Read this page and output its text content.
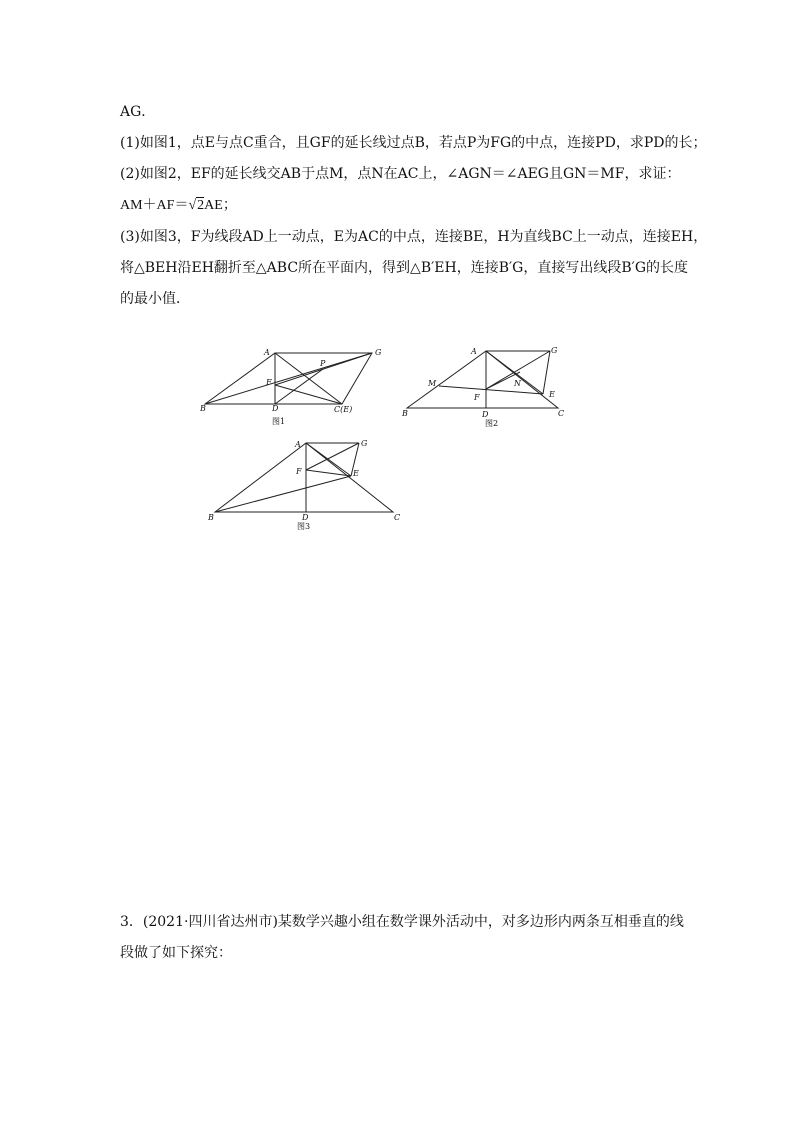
AG．
(1)如图1，点E与点C重合，且GF的延长线过点B，若点P为FG的中点，连接PD，求PD的长；
(2)如图2，EF的延长线交AB于点M，点N在AC上，∠AGN＝∠AEG且GN＝MF，求证：
AM＋AF＝√2AE；
(3)如图3，F为线段AD上一动点，E为AC的中点，连接BE，H为直线BC上一动点，连接EH，
将△BEH沿EH翻折至△ABC所在平面内，得到△B′EH，连接B′G，直接写出线段B′G的长度
的最小值．
3．(2021·四川省达州市)某数学兴趣小组在数学课外活动中，对多边形内两条互相垂直的线
段做了如下探究：
A	G
P
F
B	D	C(E)
图1
A	G
M	N
F	E
B	D	C
图2
A	G
F	E
B	D	C
图3
